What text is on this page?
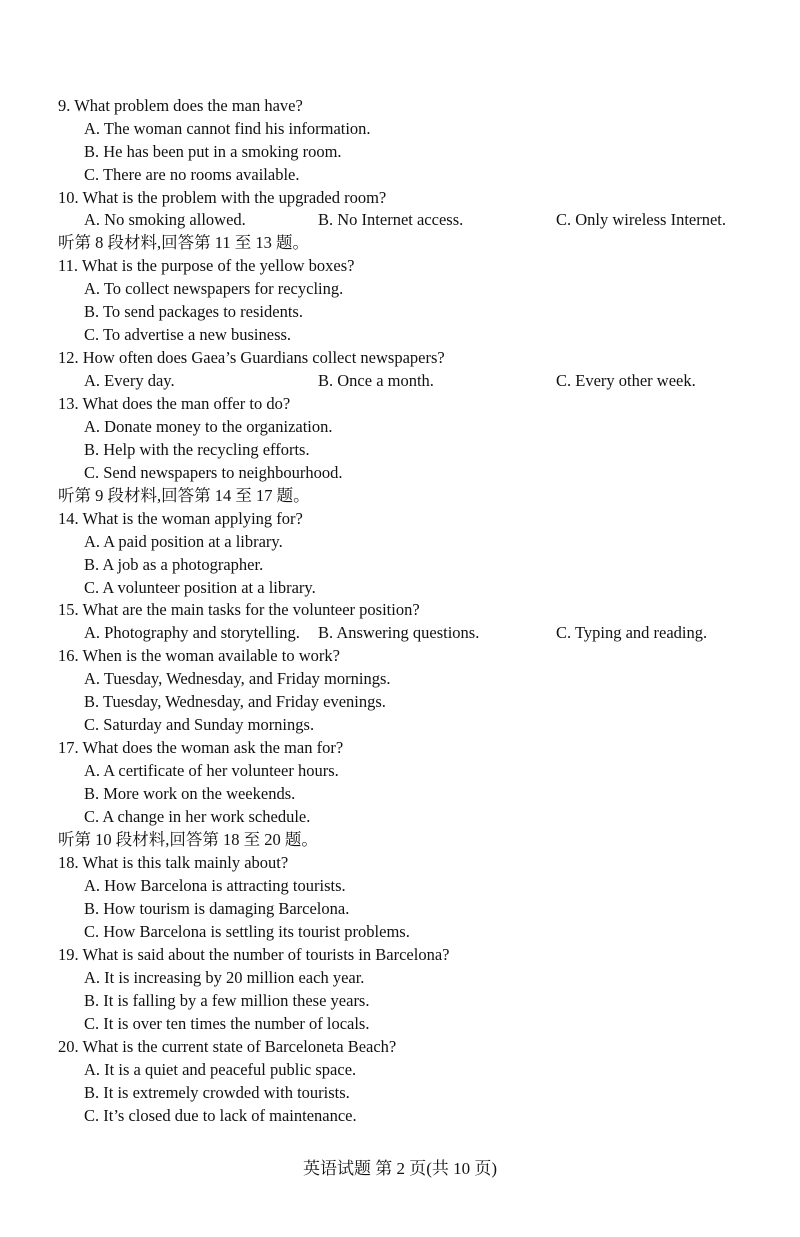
9. What problem does the man have?
A. The woman cannot find his information.
B. He has been put in a smoking room.
C. There are no rooms available.
10. What is the problem with the upgraded room?
A. No smoking allowed.	B. No Internet access.	C. Only wireless Internet.
听第 8 段材料,回答第 11 至 13 题。
11. What is the purpose of the yellow boxes?
A. To collect newspapers for recycling.
B. To send packages to residents.
C. To advertise a new business.
12. How often does Gaea’s Guardians collect newspapers?
A. Every day.	B. Once a month.	C. Every other week.
13. What does the man offer to do?
A. Donate money to the organization.
B. Help with the recycling efforts.
C. Send newspapers to neighbourhood.
听第 9 段材料,回答第 14 至 17 题。
14. What is the woman applying for?
A. A paid position at a library.
B. A job as a photographer.
C. A volunteer position at a library.
15. What are the main tasks for the volunteer position?
A. Photography and storytelling. B. Answering questions.	C. Typing and reading.
16. When is the woman available to work?
A. Tuesday, Wednesday, and Friday mornings.
B. Tuesday, Wednesday, and Friday evenings.
C. Saturday and Sunday mornings.
17. What does the woman ask the man for?
A. A certificate of her volunteer hours.
B. More work on the weekends.
C. A change in her work schedule.
听第 10 段材料,回答第 18 至 20 题。
18. What is this talk mainly about?
A. How Barcelona is attracting tourists.
B. How tourism is damaging Barcelona.
C. How Barcelona is settling its tourist problems.
19. What is said about the number of tourists in Barcelona?
A. It is increasing by 20 million each year.
B. It is falling by a few million these years.
C. It is over ten times the number of locals.
20. What is the current state of Barceloneta Beach?
A. It is a quiet and peaceful public space.
B. It is extremely crowded with tourists.
C. It’s closed due to lack of maintenance.
英语试题 第 2 页(共 10 页)
